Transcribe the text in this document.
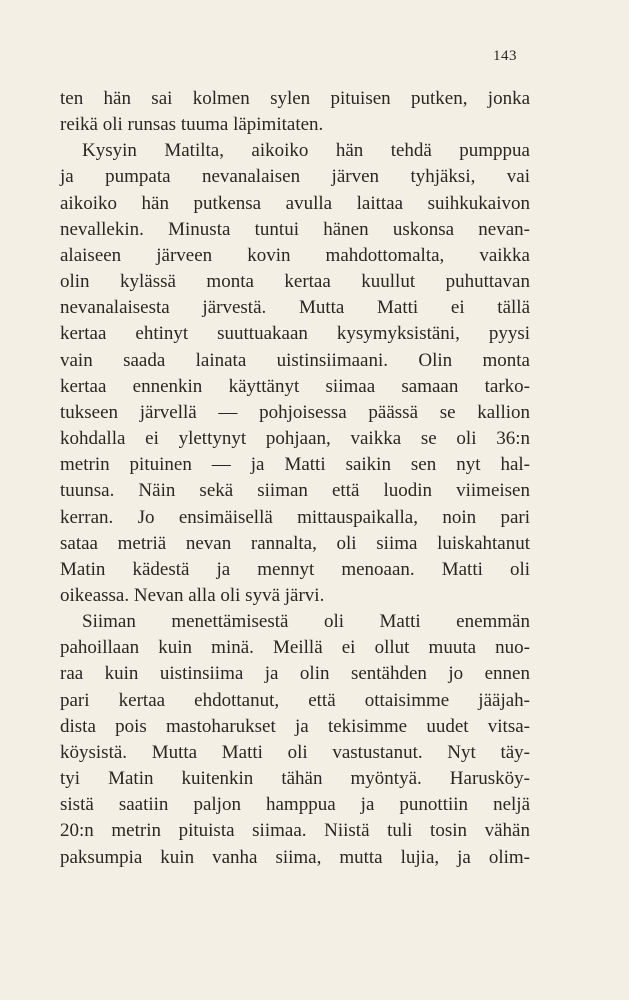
143
ten hän sai kolmen sylen pituisen putken, jonka
reikä oli runsas tuuma läpimitaten.
Kysyin Matilta, aikoiko hän tehdä pumppua
ja pumpata nevanalaisen järven tyhjäksi, vai
aikoiko hän putkensa avulla laittaa suihkukaivon
nevallekin. Minusta tuntui hänen uskonsa nevan-
alaiseen järveen kovin mahdottomalta, vaikka
olin kylässä monta kertaa kuullut puhuttavan
nevanalaisesta järvestä. Mutta Matti ei tällä
kertaa ehtinyt suuttuakaan kysymyksistäni, pyysi
vain saada lainata uistinsiimaani. Olin monta
kertaa ennenkin käyttänyt siimaa samaan tarko-
tukseen järvellä — pohjoisessa päässä se kallion
kohdalla ei ylettynyt pohjaan, vaikka se oli 36:n
metrin pituinen — ja Matti saikin sen nyt hal-
tuunsa. Näin sekä siiman että luodin viimeisen
kerran. Jo ensimäisellä mittauspaikalla, noin pari
sataa metriä nevan rannalta, oli siima luiskahtanut
Matin kädestä ja mennyt menoaan. Matti oli
oikeassa. Nevan alla oli syvä järvi.
Siiman menettämisestä oli Matti enemmän
pahoillaan kuin minä. Meillä ei ollut muuta nuo-
raa kuin uistinsiima ja olin sentähden jo ennen
pari kertaa ehdottanut, että ottaisimme jääjah-
dista pois mastoharukset ja tekisimme uudet vitsa-
köysistä. Mutta Matti oli vastustanut. Nyt täy-
tyi Matin kuitenkin tähän myöntyä. Harusköy-
sistä saatiin paljon hamppua ja punottiin neljä
20:n metrin pituista siimaa. Niistä tuli tosin vähän
paksumpia kuin vanha siima, mutta lujia, ja olim-
